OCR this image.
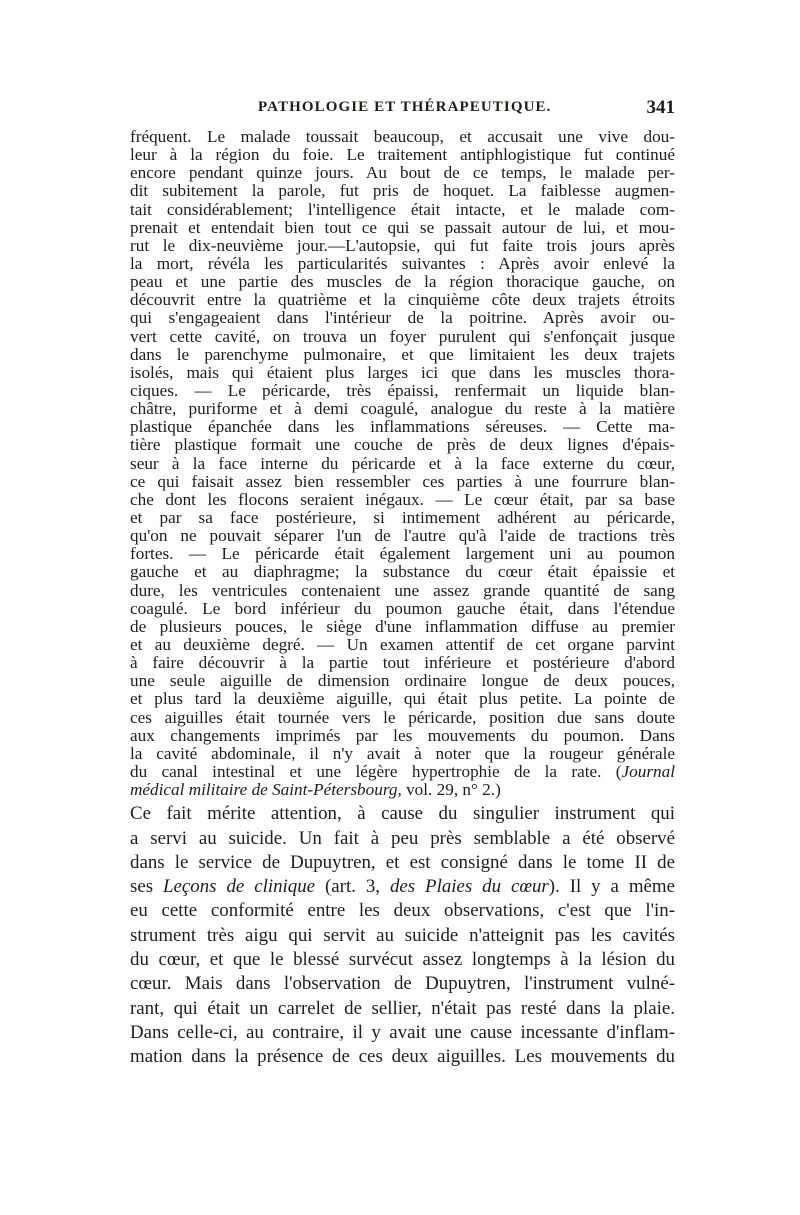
PATHOLOGIE ET THÉRAPEUTIQUE.	341
fréquent. Le malade toussait beaucoup, et accusait une vive dou-
leur à la région du foie. Le traitement antiphlogistique fut continué
encore pendant quinze jours. Au bout de ce temps, le malade per-
dit subitement la parole, fut pris de hoquet. La faiblesse augmen-
tait considérablement; l'intelligence était intacte, et le malade com-
prenait et entendait bien tout ce qui se passait autour de lui, et mou-
rut le dix-neuvième jour.—L'autopsie, qui fut faite trois jours après
la mort, révéla les particularités suivantes : Après avoir enlevé la
peau et une partie des muscles de la région thoracique gauche, on
découvrit entre la quatrième et la cinquième côte deux trajets étroits
qui s'engageaient dans l'intérieur de la poitrine. Après avoir ou-
vert cette cavité, on trouva un foyer purulent qui s'enfonçait jusque
dans le parenchyme pulmonaire, et que limitaient les deux trajets
isolés, mais qui étaient plus larges ici que dans les muscles thora-
ciques. — Le péricarde, très épaissi, renfermait un liquide blan-
châtre, puriforme et à demi coagulé, analogue du reste à la matière
plastique épanchée dans les inflammations séreuses. — Cette ma-
tière plastique formait une couche de près de deux lignes d'épais-
seur à la face interne du péricarde et à la face externe du cœur,
ce qui faisait assez bien ressembler ces parties à une fourrure blan-
che dont les flocons seraient inégaux. — Le cœur était, par sa base
et par sa face postérieure, si intimement adhérent au péricarde,
qu'on ne pouvait séparer l'un de l'autre qu'à l'aide de tractions très
fortes. — Le péricarde était également largement uni au poumon
gauche et au diaphragme; la substance du cœur était épaissie et
dure, les ventricules contenaient une assez grande quantité de sang
coagulé. Le bord inférieur du poumon gauche était, dans l'étendue
de plusieurs pouces, le siège d'une inflammation diffuse au premier
et au deuxième degré. — Un examen attentif de cet organe parvint
à faire découvrir à la partie tout inférieure et postérieure d'abord
une seule aiguille de dimension ordinaire longue de deux pouces,
et plus tard la deuxième aiguille, qui était plus petite. La pointe de
ces aiguilles était tournée vers le péricarde, position due sans doute
aux changements imprimés par les mouvements du poumon. Dans
la cavité abdominale, il n'y avait à noter que la rougeur générale
du canal intestinal et une légère hypertrophie de la rate. (Journal
médical militaire de Saint-Pétersbourg, vol. 29, n° 2.)
Ce fait mérite attention, à cause du singulier instrument qui
a servi au suicide. Un fait à peu près semblable a été observé
dans le service de Dupuytren, et est consigné dans le tome II de
ses Leçons de clinique (art. 3, des Plaies du cœur). Il y a même
eu cette conformité entre les deux observations, c'est que l'in-
strument très aigu qui servit au suicide n'atteignit pas les cavités
du cœur, et que le blessé survécut assez longtemps à la lésion du
cœur. Mais dans l'observation de Dupuytren, l'instrument vulné-
rant, qui était un carrelet de sellier, n'était pas resté dans la plaie.
Dans celle-ci, au contraire, il y avait une cause incessante d'inflam-
mation dans la présence de ces deux aiguilles. Les mouvements du
